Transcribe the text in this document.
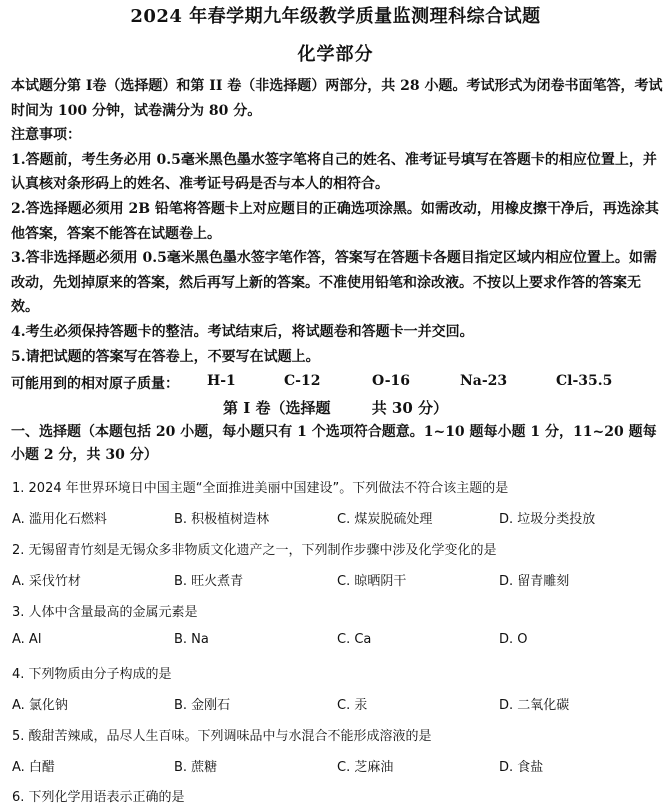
2024 年春学期九年级教学质量监测理科综合试题
化学部分

本试题分第 I卷（选择题）和第 II 卷（非选择题）两部分，共 28 小题。考试形式为闭卷书面笔答，考试时间为 100 分钟，试卷满分为 80 分。

注意事项：

1.答题前，考生务必用 0.5毫米黑色墨水签字笔将自己的姓名、准考证号填写在答题卡的相应位置上，并认真核对条形码上的姓名、准考证号码是否与本人的相符合。

2.答选择题必须用 2B 铅笔将答题卡上对应题目的正确选项涂黑。如需改动，用橡皮擦干净后，再选涂其他答案，答案不能答在试题卷上。

3.答非选择题必须用 0.5毫米黑色墨水签字笔作答，答案写在答题卡各题目指定区域内相应位置上。如需改动，先划掉原来的答案，然后再写上新的答案。不准使用铅笔和涂改液。不按以上要求作答的答案无效。

4.考生必须保持答题卡的整洁。考试结束后，将试题卷和答题卡一并交回。

5.请把试题的答案写在答卷上，不要写在试题上。

可能用到的相对原子质量： H-1	C-12	O-16	Na-23	Cl-35.5
第 I 卷（选择题	共 30 分）
一、选择题（本题包括 20 小题，每小题只有 1 个选项符合题意。1~10 题每小题 1 分，11~20 题每小题 2 分，共 30 分）
1. 2024 年世界环境日中国主题“全面推进美丽中国建设”。下列做法不符合该主题的是
A. 滥用化石燃料	B. 积极植树造林	C. 煤炭脱硫处理	D. 垃圾分类投放
2. 无锡留青竹刻是无锡众多非物质文化遗产之一，下列制作步骤中涉及化学变化的是
A. 采伐竹材	B. 旺火煮青	C. 晾晒阴干	D. 留青雕刻
3. 人体中含量最高的金属元素是
A. Al	B. Na	C. Ca	D. O
4. 下列物质由分子构成的是
A. 氯化钠	B. 金刚石	C. 汞	D. 二氧化碳
5. 酸甜苦辣咸，品尽人生百味。下列调味品中与水混合不能形成溶液的是
A. 白醋	B. 蔗糖	C. 芝麻油	D. 食盐
6. 下列化学用语表示正确的是
